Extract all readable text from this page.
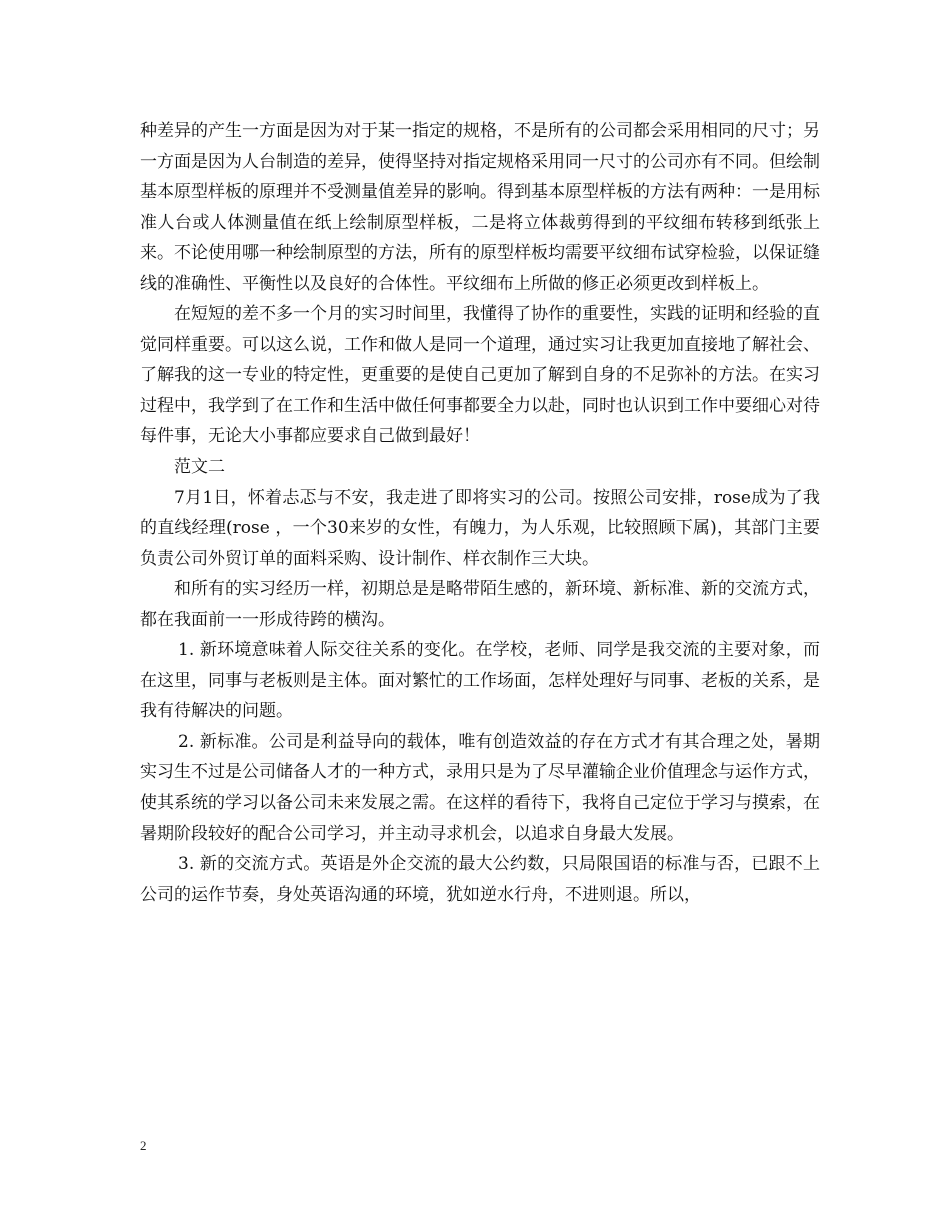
种差异的产生一方面是因为对于某一指定的规格，不是所有的公司都会采用相同的尺寸；另一方面是因为人台制造的差异，使得坚持对指定规格采用同一尺寸的公司亦有不同。但绘制基本原型样板的原理并不受测量值差异的影响。得到基本原型样板的方法有两种：一是用标准人台或人体测量值在纸上绘制原型样板，二是将立体裁剪得到的平纹细布转移到纸张上来。不论使用哪一种绘制原型的方法，所有的原型样板均需要平纹细布试穿检验，以保证缝线的准确性、平衡性以及良好的合体性。平纹细布上所做的修正必须更改到样板上。

在短短的差不多一个月的实习时间里，我懂得了协作的重要性，实践的证明和经验的直觉同样重要。可以这么说，工作和做人是同一个道理，通过实习让我更加直接地了解社会、了解我的这一专业的特定性，更重要的是使自己更加了解到自身的不足弥补的方法。在实习过程中，我学到了在工作和生活中做任何事都要全力以赴，同时也认识到工作中要细心对待每件事，无论大小事都应要求自己做到最好！

范文二

7月1日，怀着忐忑与不安，我走进了即将实习的公司。按照公司安排，rose成为了我的直线经理(rose ，一个30来岁的女性，有魄力，为人乐观，比较照顾下属)，其部门主要负责公司外贸订单的面料采购、设计制作、样衣制作三大块。

和所有的实习经历一样，初期总是是略带陌生感的，新环境、新标准、新的交流方式，都在我面前一一形成待跨的横沟。

1. 新环境意味着人际交往关系的变化。在学校，老师、同学是我交流的主要对象，而在这里，同事与老板则是主体。面对繁忙的工作场面，怎样处理好与同事、老板的关系，是我有待解决的问题。

2. 新标准。公司是利益导向的载体，唯有创造效益的存在方式才有其合理之处，暑期实习生不过是公司储备人才的一种方式，录用只是为了尽早灌输企业价值理念与运作方式，使其系统的学习以备公司未来发展之需。在这样的看待下，我将自己定位于学习与摸索，在暑期阶段较好的配合公司学习，并主动寻求机会，以追求自身最大发展。

3. 新的交流方式。英语是外企交流的最大公约数，只局限国语的标准与否，已跟不上公司的运作节奏，身处英语沟通的环境，犹如逆水行舟，不进则退。所以，

2
